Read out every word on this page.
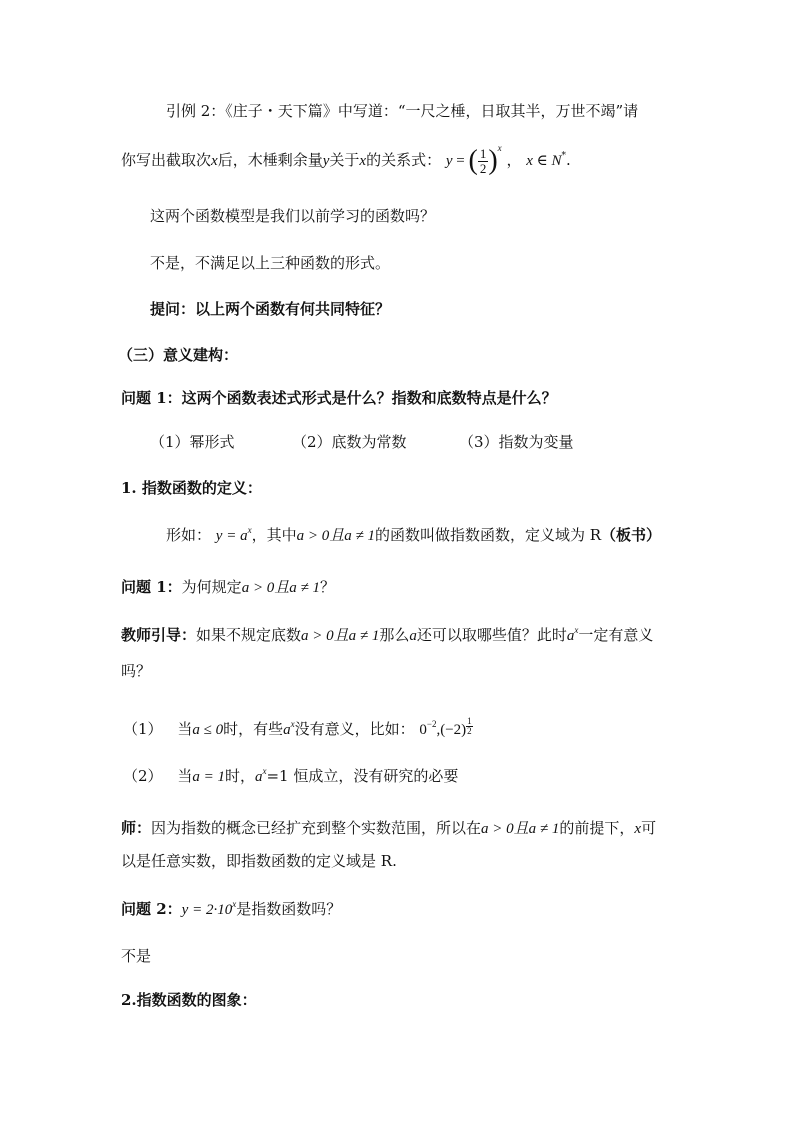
引例 2：《庄子・天下篇》中写道：“一尺之棰，日取其半，万世不竭”请
你写出截取次x后，木棰剩余量y关于x的关系式： y = ( $\frac{1}{2} )^x$ ， x ∈ N*.
这两个函数模型是我们以前学习的函数吗？
不是，不满足以上三种函数的形式。
提问：以上两个函数有何共同特征？
（三）意义建构：
问题 1：这两个函数表述式形式是什么？指数和底数特点是什么？
（1）幂形式	（2）底数为常数	（3）指数为变量
1. 指数函数的定义：
形如： $y = a^x$，其中a > 0且a ≠ 1的函数叫做指数函数，定义域为 R（板书）
问题 1：为何规定a > 0且a ≠ 1？
教师引导：如果不规定底数a > 0且a ≠ 1那么a还可以取哪些值？此时$a^x$一定有意义
吗？
（1） 当a ≤ 0时，有些$a^x$没有意义，比如： $0^{-2},(-2) \frac{1}{2}$
（2） 当a = 1时，$a^x=1$ 恒成立，没有研究的必要
师：因为指数的概念已经扩充到整个实数范围，所以在a > 0且a ≠ 1的前提下，x可
以是任意实数，即指数函数的定义域是 R.
问题 2：$y = 2\cdot 10^x$是指数函数吗？
不是
2.指数函数的图象：
